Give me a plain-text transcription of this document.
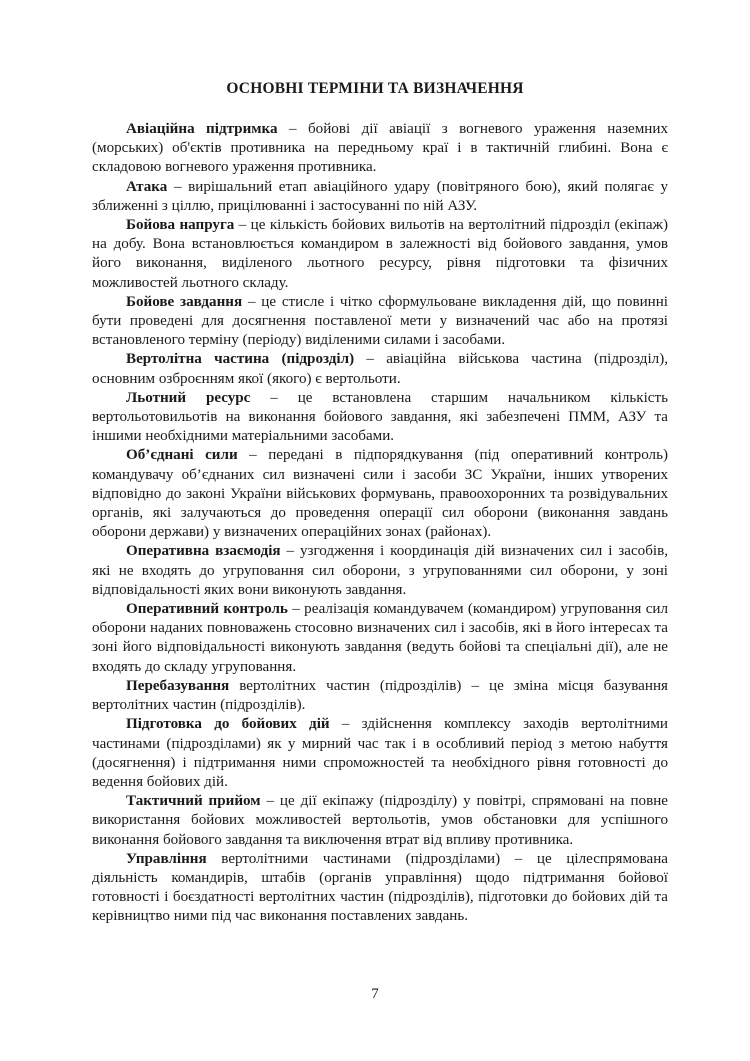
ОСНОВНІ ТЕРМІНИ ТА ВИЗНАЧЕННЯ

Авіаційна підтримка – бойові дії авіації з вогневого ураження наземних (морських) об'єктів противника на передньому краї і в тактичній глибині. Вона є складовою вогневого ураження противника.

Атака – вирішальний етап авіаційного удару (повітряного бою), який полягає у зближенні з ціллю, прицілюванні і застосуванні по ній АЗУ.

Бойова напруга – це кількість бойових вильотів на вертолітний підрозділ (екіпаж) на добу. Вона встановлюється командиром в залежності від бойового завдання, умов його виконання, виділеного льотного ресурсу, рівня підготовки та фізичних можливостей льотного складу.

Бойове завдання – це стисле і чітко сформульоване викладення дій, що повинні бути проведені для досягнення поставленої мети у визначений час або на протязі встановленого терміну (періоду) виділеними силами і засобами.

Вертолітна частина (підрозділ) – авіаційна військова частина (підрозділ), основним озброєнням якої (якого) є вертольоти.

Льотний ресурс – це встановлена старшим начальником кількість вертольотовильотів на виконання бойового завдання, які забезпечені ПММ, АЗУ та іншими необхідними матеріальними засобами.

Об’єднані сили – передані в підпорядкування (під оперативний контроль) командувачу об’єднаних сил визначені сили і засоби ЗС України, інших утворених відповідно до законі України військових формувань, правоохоронних та розвідувальних органів, які залучаються до проведення операції сил оборони (виконання завдань оборони держави) у визначених операційних зонах (районах).

Оперативна взаємодія – узгодження і координація дій визначених сил і засобів, які не входять до угруповання сил оборони, з угрупованнями сил оборони, у зоні відповідальності яких вони виконують завдання.

Оперативний контроль – реалізація командувачем (командиром) угруповання сил оборони наданих повноважень стосовно визначених сил і засобів, які в його інтересах та зоні його відповідальності виконують завдання (ведуть бойові та спеціальні дії), але не входять до складу угруповання.

Перебазування вертолітних частин (підрозділів) – це зміна місця базування вертолітних частин (підрозділів).

Підготовка до бойових дій – здійснення комплексу заходів вертолітними частинами (підрозділами) як у мирний час так і в особливий період з метою набуття (досягнення) і підтримання ними спроможностей та необхідного рівня готовності до ведення бойових дій.

Тактичний прийом – це дії екіпажу (підрозділу) у повітрі, спрямовані на повне використання бойових можливостей вертольотів, умов обстановки для успішного виконання бойового завдання та виключення втрат від впливу противника.

Управління вертолітними частинами (підрозділами) – це цілеспрямована діяльність командирів, штабів (органів управління) щодо підтримання бойової готовності і боєздатності вертолітних частин (підрозділів), підготовки до бойових дій та керівництво ними під час виконання поставлених завдань.

7
